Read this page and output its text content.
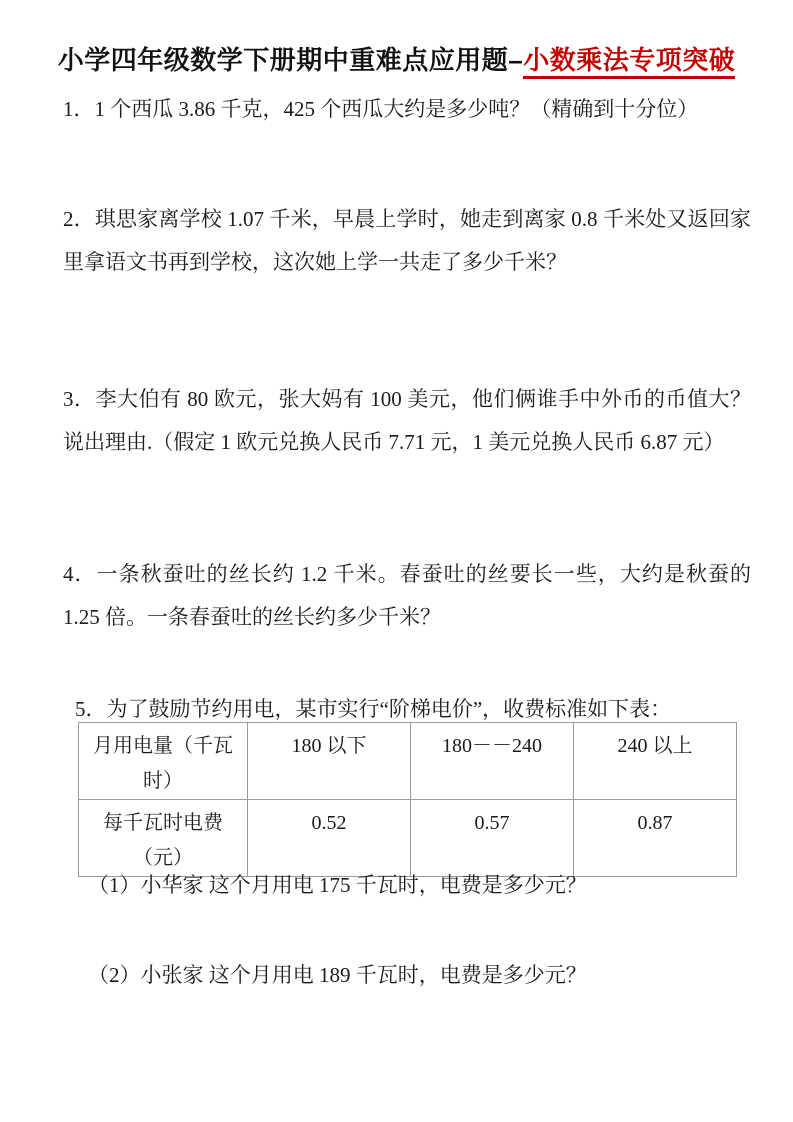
小学四年级数学下册期中重难点应用题–小数乘法专项突破

1．1 个西瓜 3.86 千克，425 个西瓜大约是多少吨？（精确到十分位）

2．琪思家离学校 1.07 千米，早晨上学时，她走到离家 0.8 千米处又返回家里拿语文书再到学校，这次她上学一共走了多少千米？

3．李大伯有 80 欧元，张大妈有 100 美元，他们俩谁手中外币的币值大？说出理由.（假定 1 欧元兑换人民币 7.71 元，1 美元兑换人民币 6.87 元）

4．一条秋蚕吐的丝长约 1.2 千米。春蚕吐的丝要长一些，大约是秋蚕的 1.25 倍。一条春蚕吐的丝长约多少千米？

5．为了鼓励节约用电，某市实行“阶梯电价”，收费标准如下表：

月用电量（千瓦时）	180 以下	180－－240	240 以上
每千瓦时电费（元）	0.52	0.57	0.87

（1）小华家 这个月用电 175 千瓦时，电费是多少元？

（2）小张家 这个月用电 189 千瓦时，电费是多少元？
